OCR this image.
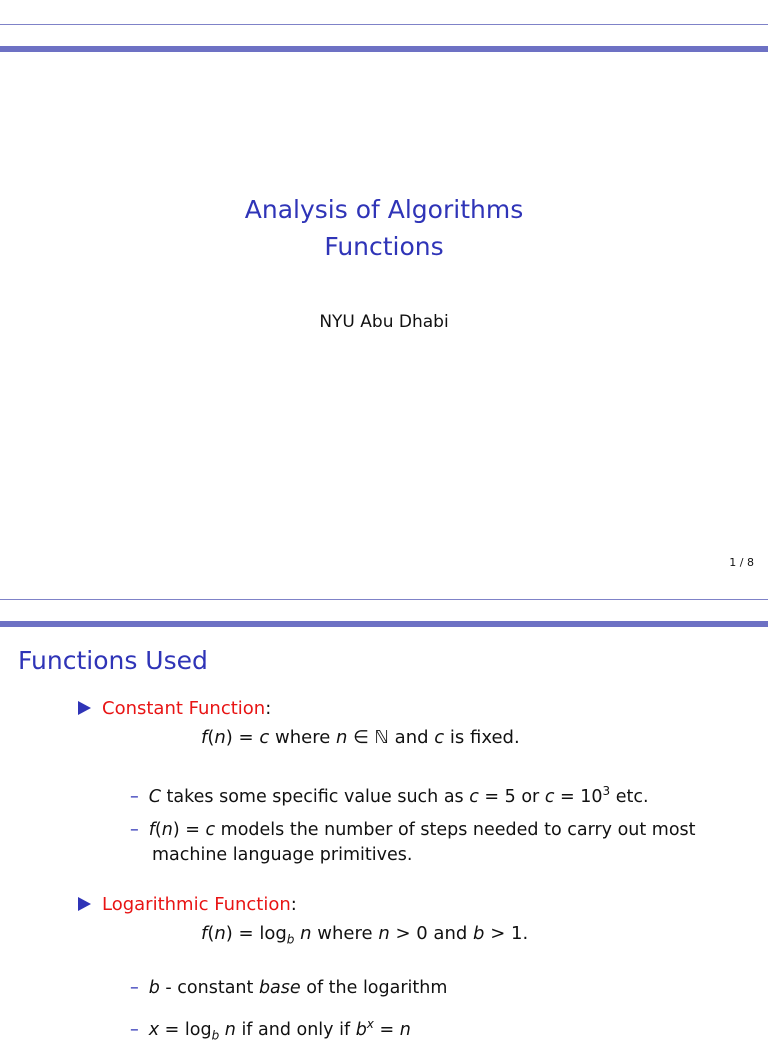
Analysis of Algorithms
Functions
NYU Abu Dhabi
1 / 8
Functions Used
Constant Function:
f(n) = c where n ∈ ℕ and c is fixed.
– C takes some specific value such as c = 5 or $c = 10^3$ etc.
– f(n) = c models the number of steps needed to carry out most
machine language primitives.
Logarithmic Function:
$f(n) = \log_b n$ where n > 0 and b > 1.
– b - constant base of the logarithm
– $x = \log_b n$ if and only if $b^x = n$
